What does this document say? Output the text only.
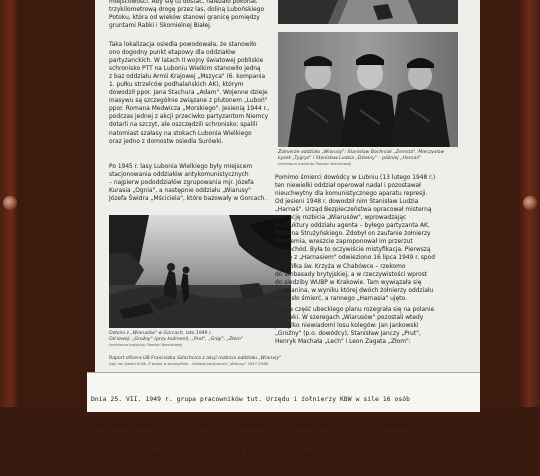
miejscowości. Aby się tu dostać, należało pokonać
trzykilometrową drogę przez las, doliną Lubońskiego
Potoku, która od wieków stanowi granicę pomiędzy
gruntami Rabki i Skomielnej Białej.
Taka lokalizacja osiedla powodowała, że stanowiło
ono dogodny punkt etapowy dla oddziałów
partyzanckich. W latach II wojny światowej pobliskie
schronisko PTT na Luboniu Wielkim stanowiło jedną
z baz oddziału Armii Krajowej „Mszyca" (6. kompania
1. pułku strzelców podhalańskich AK), którym
dowodził ppor. Jana Stachura „Adam". Wojenne dzieje
masywu są szczególnie związane z plutonem „Luboń"
ppor. Romana Medwicza „Morskiego". Jesienią 1944 r.,
podczas jednej z akcji przeciwko partyzantom Niemcy
dotarli na szczyt, ale oszczędzili schronisko; spalili
natomiast szałasy na stokach Lubonia Wielkiego
oraz jedno z domostw osiedla Surówki.
Po 1945 r. lasy Lubonia Wielkiego były miejscem
stacjonowania oddziałów antykomunistycznych
– najpierw pododdziałów zgrupowania mjr. Józefa
Kurasia „Ognia", a następnie oddziału „Wiarusy"
Józefa Świdra „Mściciela", które bazowały w Gorcach.
Ostoini z „Wiarusów" w Gorcach, lato 1949 r.
Od lewej: „Groźny" (przy koźmeni), „Prut", „Grigi", „Złom"
(archiwum Instytutu Pamięci Narodowej)
Raport oficera UB Franciszka Szlachcica z akcji rozbicia oddziału „Wiarusy"
(wg: za: Dawid Golik, Z wojną w szczegółów – Oddział partyzancki „Wiarusy" 1947-1949)
Żołnierze oddziału „Wiarusy": Stanisław Bochniak „Zemsta", Mieczysław
Łysek „Tygrys" i Stanisław Ludzia „Dzielny" – później „Harnaś"
(archiwum Instytutu Pamięci Narodowej)
Pomimo śmierci dowódcy w Lubniu (13 lutego 1948 r.)
ten niewielki oddział operował nadal i pozostawał
nieuchwytny dla komunistycznego aparatu represji.
Od jesieni 1948 r. dowodził nim Stanisław Ludzia
„Harnaś". Urząd Bezpieczeństwa opracował misterną
operację rozbicia „Wiarusów", wprowadzając
w struktury oddziału agenta – byłego partyzanta AK,
Mariana Strużyńskiego. Zdobył on zaufanie żołnierzy
Podziemia, wreszcie zaproponował im przerzut
na Zachód. Była to oczywiście mistyfikacja. Pierwszą
grupę z „Harnasiem" odwieziono 16 lipca 1949 r. spod
kościółka św. Krzyża w Chabówce – rzekomo
do ambasady brytyjskiej, a w rzeczywistości wprost
do siedziby WUBP w Krakowie. Tam wywiązała się
strzelanina, w wyniku której dwóch żołnierzy oddziału
poniosło śmierć, a rannego „Harnasia" ujęto.
Druga część ubeckiego planu rozegrała się na polanie
Surówki. W szeregach „Wiarusów" pozostali wtedy
już tylko niewiadomi losu kolegów: Jan Jankowski
„Groźny" (p.o. dowódcy), Stanisław Janczy „Prut",
Henryk Machała „Lech" i Leon Zagata „Złom":

Dnia 25. VII. 1949 r. grupa pracowników tut. Urzędu i żołnierzy KBW w sile 16 osób

ucharakteryzowanych za bandytów, oraz radiostacji w umówionym miejscu na Surówkach

k. Rabki pow. Nowy Targ, spotkała się z bandą. D-ca grupy ps. "Macie", pracownik WUBP
